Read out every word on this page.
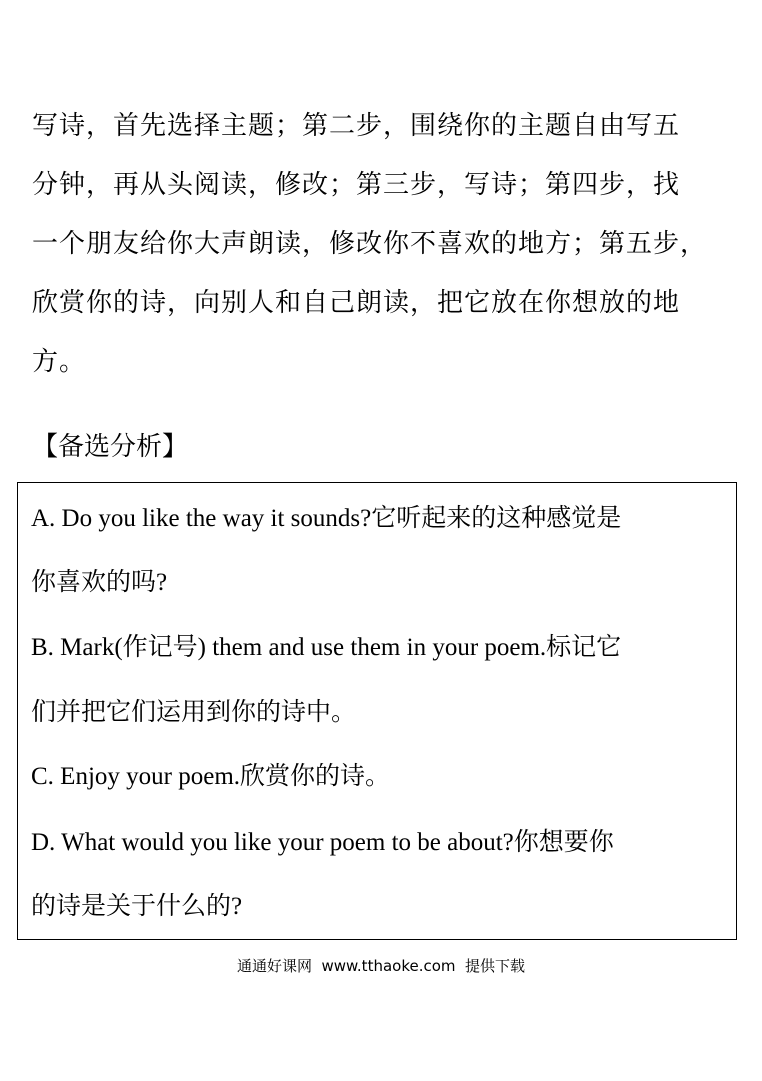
写诗，首先选择主题；第二步，围绕你的主题自由写五
分钟，再从头阅读，修改；第三步，写诗；第四步，找
一个朋友给你大声朗读，修改你不喜欢的地方；第五步，
欣赏你的诗，向别人和自己朗读，把它放在你想放的地
方。
【备选分析】
A. Do you like the way it sounds?它听起来的这种感觉是
你喜欢的吗?
B. Mark(作记号) them and use them in your poem.标记它
们并把它们运用到你的诗中。
C. Enjoy your poem.欣赏你的诗。
D. What would you like your poem to be about?你想要你
的诗是关于什么的?
通通好课网  www.tthaoke.com  提供下载
